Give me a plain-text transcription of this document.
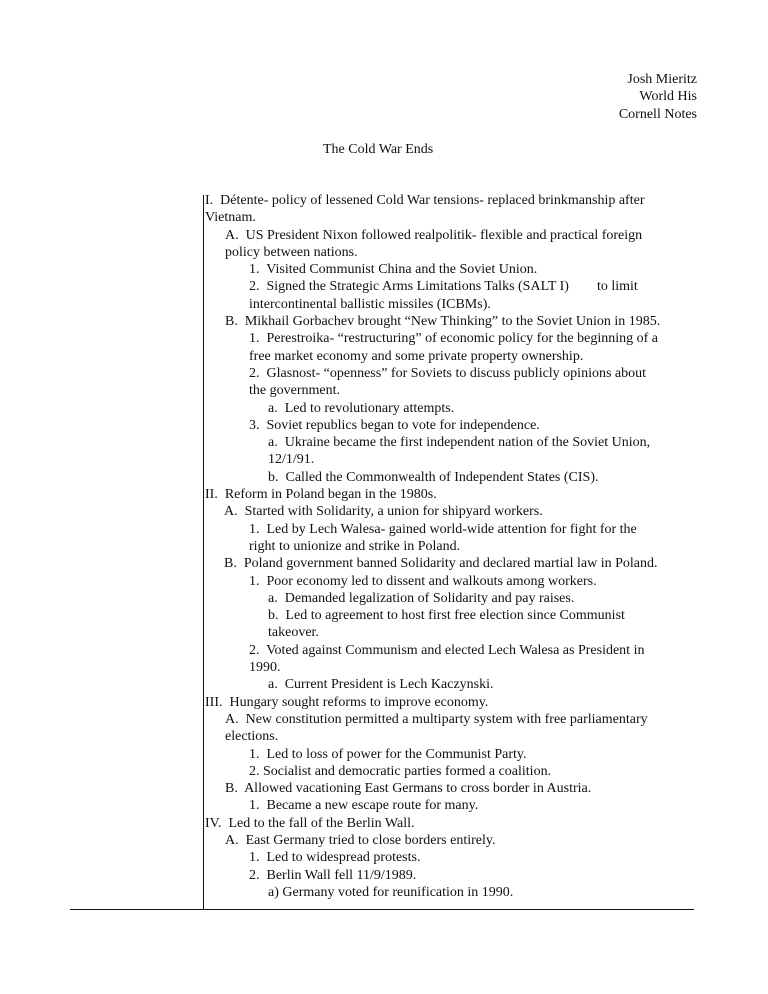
Josh Mieritz
World His
Cornell Notes
The Cold War Ends
I.  Détente- policy of lessened Cold War tensions- replaced brinkmanship after
Vietnam.
A.  US President Nixon followed realpolitik- flexible and practical foreign
policy between nations.
1.  Visited Communist China and the Soviet Union.
2.  Signed the Strategic Arms Limitations Talks (SALT I)        to limit
intercontinental ballistic missiles (ICBMs).
B.  Mikhail Gorbachev brought “New Thinking” to the Soviet Union in 1985.
1.  Perestroika- “restructuring” of economic policy for the beginning of a
free market economy and some private property ownership.
2.  Glasnost- “openness” for Soviets to discuss publicly opinions about
the government.
a.  Led to revolutionary attempts.
3.  Soviet republics began to vote for independence.
a.  Ukraine became the first independent nation of the Soviet Union,
12/1/91.
b.  Called the Commonwealth of Independent States (CIS).
II.  Reform in Poland began in the 1980s.
A.  Started with Solidarity, a union for shipyard workers.
1.  Led by Lech Walesa- gained world-wide attention for fight for the
right to unionize and strike in Poland.
B.  Poland government banned Solidarity and declared martial law in Poland.
1.  Poor economy led to dissent and walkouts among workers.
a.  Demanded legalization of Solidarity and pay raises.
b.  Led to agreement to host first free election since Communist
takeover.
2.  Voted against Communism and elected Lech Walesa as President in
1990.
a.  Current President is Lech Kaczynski.
III.  Hungary sought reforms to improve economy.
A.  New constitution permitted a multiparty system with free parliamentary
elections.
1.  Led to loss of power for the Communist Party.
2. Socialist and democratic parties formed a coalition.
B.  Allowed vacationing East Germans to cross border in Austria.
1.  Became a new escape route for many.
IV.  Led to the fall of the Berlin Wall.
A.  East Germany tried to close borders entirely.
1.  Led to widespread protests.
2.  Berlin Wall fell 11/9/1989.
a) Germany voted for reunification in 1990.
